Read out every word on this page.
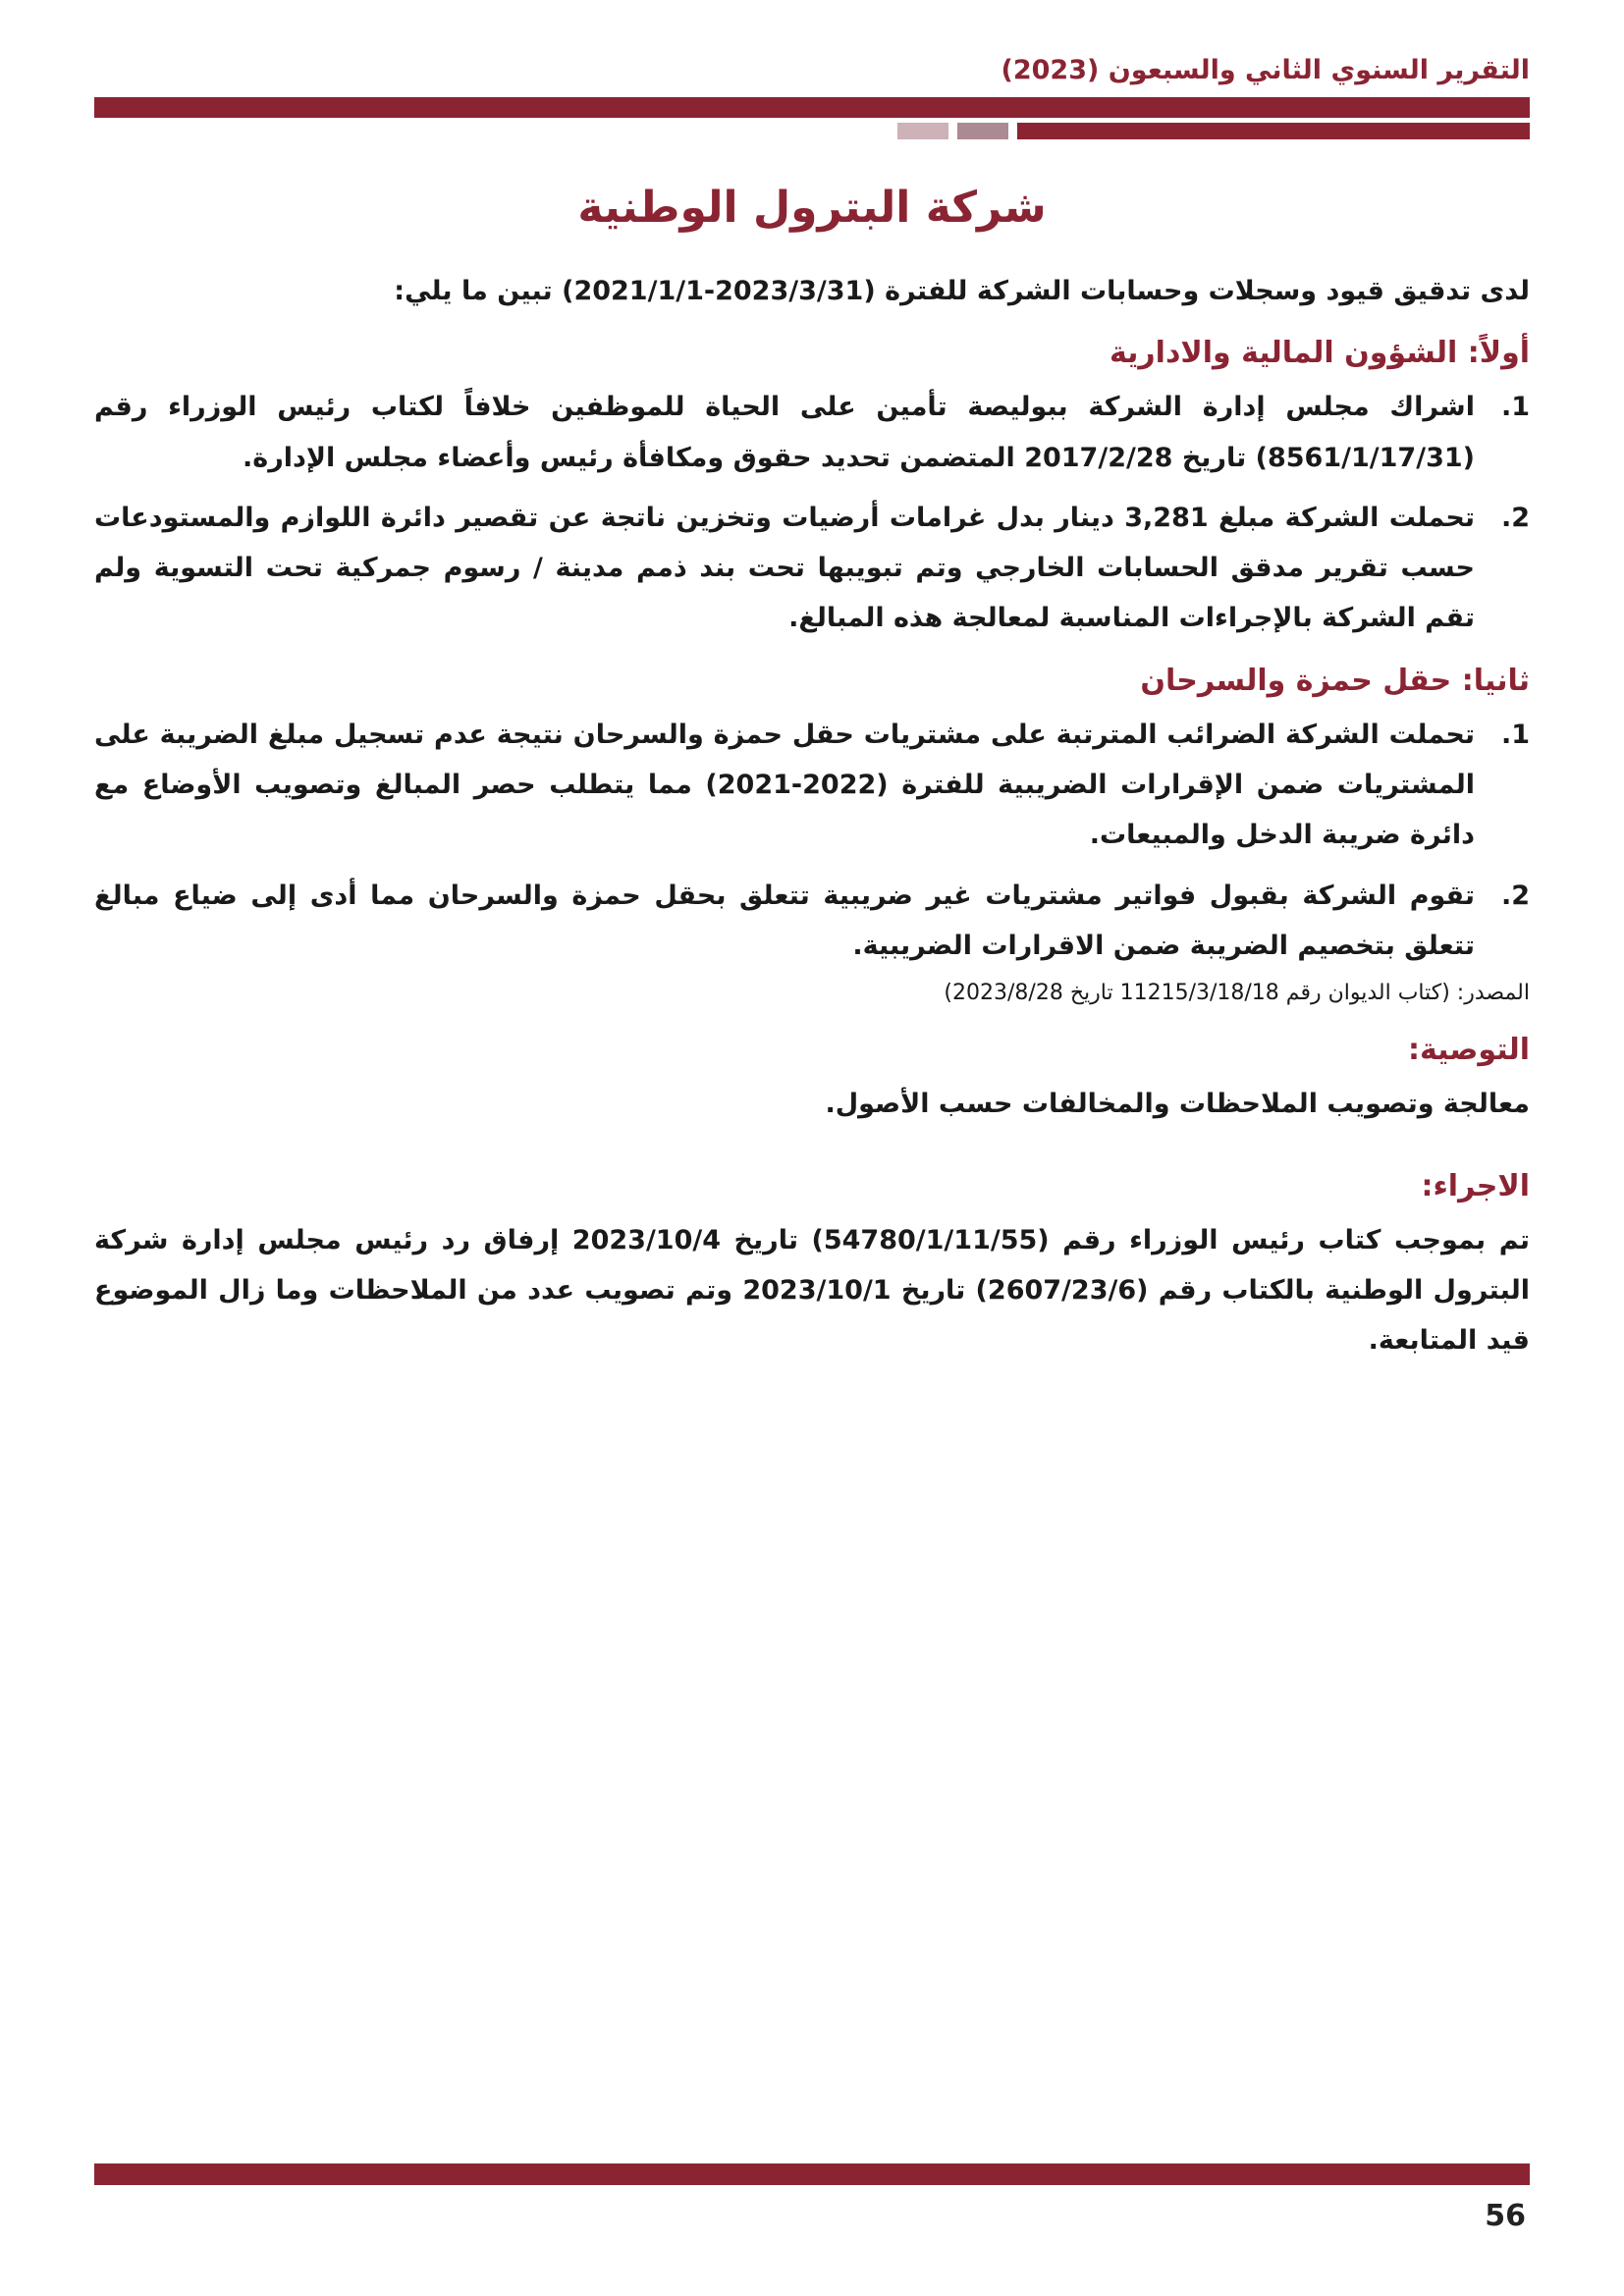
التقرير السنوي الثاني والسبعون (2023)
شركة البترول الوطنية

لدى تدقيق قيود وسجلات وحسابات الشركة للفترة (2023/3/31-2021/1/1) تبين ما يلي:

أولاً: الشؤون المالية والادارية
1.
اشراك مجلس إدارة الشركة ببوليصة تأمين على الحياة للموظفين خلافاً لكتاب رئيس الوزراء رقم (8561/1/17/31) تاريخ 2017/2/28 المتضمن تحديد حقوق ومكافأة رئيس وأعضاء مجلس الإدارة.
2.
تحملت الشركة مبلغ 3,281 دينار بدل غرامات أرضيات وتخزين ناتجة عن تقصير دائرة اللوازم والمستودعات حسب تقرير مدقق الحسابات الخارجي وتم تبويبها تحت بند ذمم مدينة / رسوم جمركية تحت التسوية ولم تقم الشركة بالإجراءات المناسبة لمعالجة هذه المبالغ.
ثانيا: حقل حمزة والسرحان
1.
تحملت الشركة الضرائب المترتبة على مشتريات حقل حمزة والسرحان نتيجة عدم تسجيل مبلغ الضريبة على المشتريات ضمن الإقرارات الضريبية للفترة (2022-2021) مما يتطلب حصر المبالغ وتصويب الأوضاع مع دائرة ضريبة الدخل والمبيعات.
2.
تقوم الشركة بقبول فواتير مشتريات غير ضريبية تتعلق بحقل حمزة والسرحان مما أدى إلى ضياع مبالغ تتعلق بتخصيم الضريبة ضمن الاقرارات الضريبية.

المصدر: (كتاب الديوان رقم 11215/3/18/18 تاريخ 2023/8/28)

التوصية:

معالجة وتصويب الملاحظات والمخالفات حسب الأصول.

الاجراء:

تم بموجب كتاب رئيس الوزراء رقم (54780/1/11/55) تاريخ 2023/10/4 إرفاق رد رئيس مجلس إدارة شركة البترول الوطنية بالكتاب رقم (2607/23/6) تاريخ 2023/10/1 وتم تصويب عدد من الملاحظات وما زال الموضوع قيد المتابعة.

56
